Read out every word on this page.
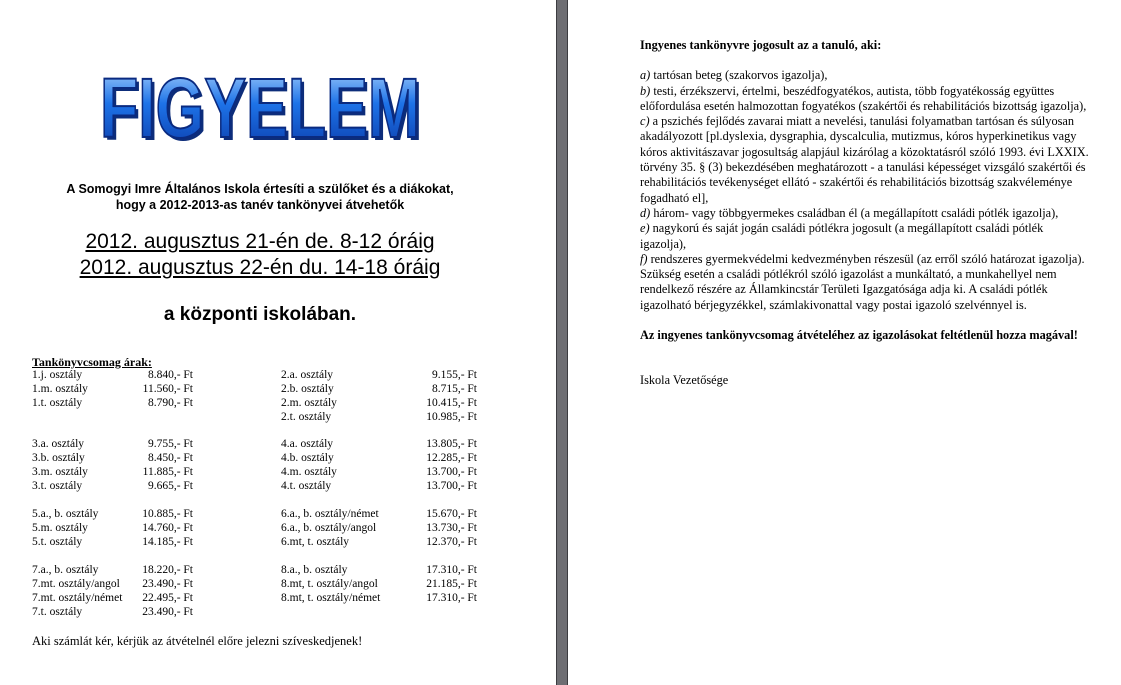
FIGYELEM
FIGYELEM
A Somogyi Imre Általános Iskola értesíti a szülőket és a diákokat,
hogy a 2012-2013-as tanév tankönyvei átvehetők
2012. augusztus 21-én de. 8-12 óráig
2012. augusztus 22-én du. 14-18 óráig
a központi iskolában.
Tankönyvcsomag árak:
1.j. osztály	8.840,- Ft
1.m. osztály	11.560,- Ft
1.t. osztály	8.790,- Ft
3.a. osztály	9.755,- Ft
3.b. osztály	8.450,- Ft
3.m. osztály	11.885,- Ft
3.t. osztály	9.665,- Ft
5.a., b. osztály	10.885,- Ft
5.m. osztály	14.760,- Ft
5.t. osztály	14.185,- Ft
7.a., b. osztály	18.220,- Ft
7.mt. osztály/angol 23.490,- Ft
7.mt. osztály/német 22.495,- Ft
7.t. osztály	23.490,- Ft
2.a. osztály	9.155,- Ft
2.b. osztály	8.715,- Ft
2.m. osztály	10.415,- Ft
2.t. osztály	10.985,- Ft
4.a. osztály	13.805,- Ft
4.b. osztály	12.285,- Ft
4.m. osztály	13.700,- Ft
4.t. osztály	13.700,- Ft
6.a., b. osztály/német	15.670,- Ft
6.a., b. osztály/angol	13.730,- Ft
6.mt, t. osztály	12.370,- Ft
8.a., b. osztály	17.310,- Ft
8.mt, t. osztály/angol	21.185,- Ft
8.mt, t. osztály/német	17.310,- Ft
Aki számlát kér, kérjük az átvételnél előre jelezni szíveskedjenek!

Ingyenes tankönyvre jogosult az a tanuló, aki:

a) tartósan beteg (szakorvos igazolja),

b) testi, érzékszervi, értelmi, beszédfogyatékos, autista, több fogyatékosság együttes előfordulása esetén halmozottan fogyatékos (szakértői és rehabilitációs bizottság igazolja),

c) a pszichés fejlődés zavarai miatt a nevelési, tanulási folyamatban tartósan és súlyosan akadályozott [pl.dyslexia, dysgraphia, dyscalculia, mutizmus, kóros hyperkinetikus vagy kóros aktivitászavar jogosultság alapjául kizárólag a közoktatásról szóló 1993. évi LXXIX. törvény 35. § (3) bekezdésében meghatározott - a tanulási képességet vizsgáló szakértői és rehabilitációs tevékenységet ellátó - szakértői és rehabilitációs bizottság szakvéleménye fogadható el],

d) három- vagy többgyermekes családban él (a megállapított családi pótlék igazolja),

e) nagykorú és saját jogán családi pótlékra jogosult (a megállapított családi pótlék igazolja),

f) rendszeres gyermekvédelmi kedvezményben részesül (az erről szóló határozat igazolja).

Szükség esetén a családi pótlékról szóló igazolást a munkáltató, a munkahellyel nem rendelkező részére az Államkincstár Területi Igazgatósága adja ki. A családi pótlék igazolható bérjegyzékkel, számlakivonattal vagy postai igazoló szelvénnyel is.

Az ingyenes tankönyvcsomag átvételéhez az igazolásokat feltétlenül hozza magával!

Iskola Vezetősége
